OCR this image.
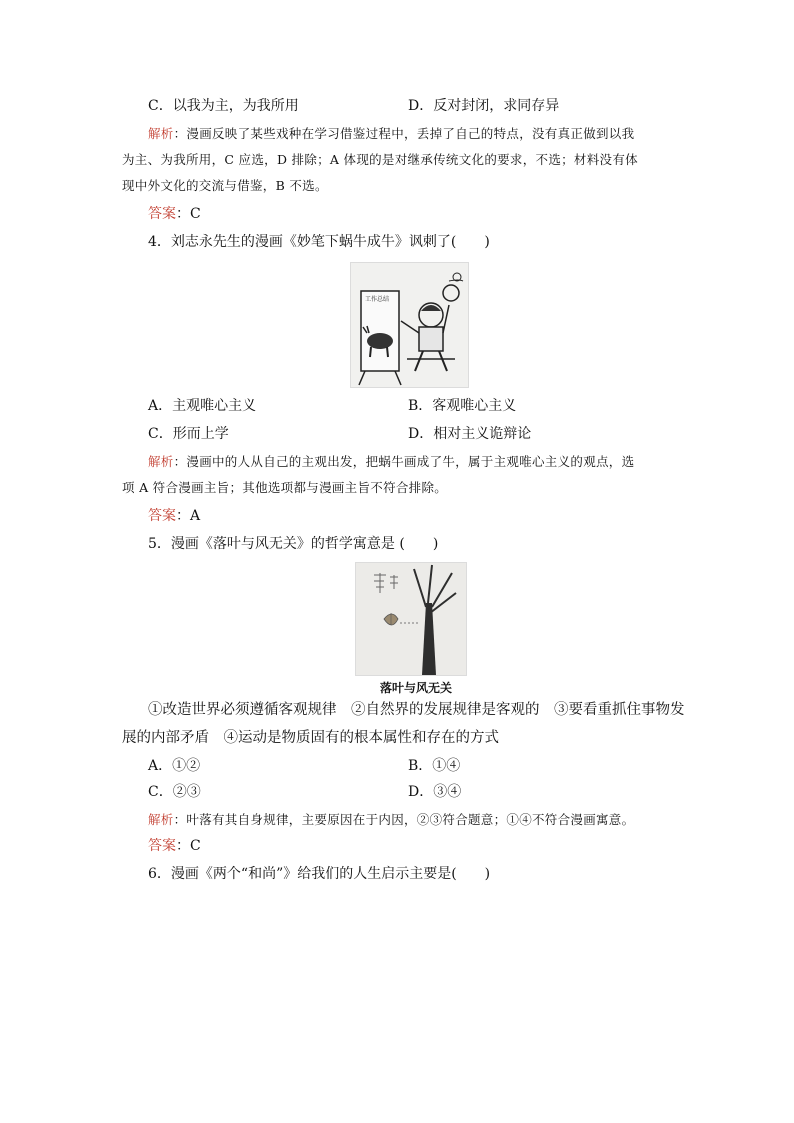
C．以我为主，为我所用	D．反对封闭，求同存异
解析：漫画反映了某些戏种在学习借鉴过程中，丢掉了自己的特点，没有真正做到以我
为主、为我所用，C 应选，D 排除；A 体现的是对继承传统文化的要求，不选；材料没有体
现中外文化的交流与借鉴，B 不选。
答案：C
4．刘志永先生的漫画《妙笔下蜗牛成牛》讽刺了(　　)
工作总结
A．主观唯心主义	B．客观唯心主义
C．形而上学	D．相对主义诡辩论
解析：漫画中的人从自己的主观出发，把蜗牛画成了牛，属于主观唯心主义的观点，选
项 A 符合漫画主旨；其他选项都与漫画主旨不符合排除。
答案：A
5．漫画《落叶与风无关》的哲学寓意是 (　　)
落叶与风无关
①改造世界必须遵循客观规律　②自然界的发展规律是客观的　③要看重抓住事物发
展的内部矛盾　④运动是物质固有的根本属性和存在的方式
A．①②	B．①④
C．②③	D．③④
解析：叶落有其自身规律，主要原因在于内因，②③符合题意；①④不符合漫画寓意。
答案：C
6．漫画《两个“和尚”》给我们的人生启示主要是(　　)
